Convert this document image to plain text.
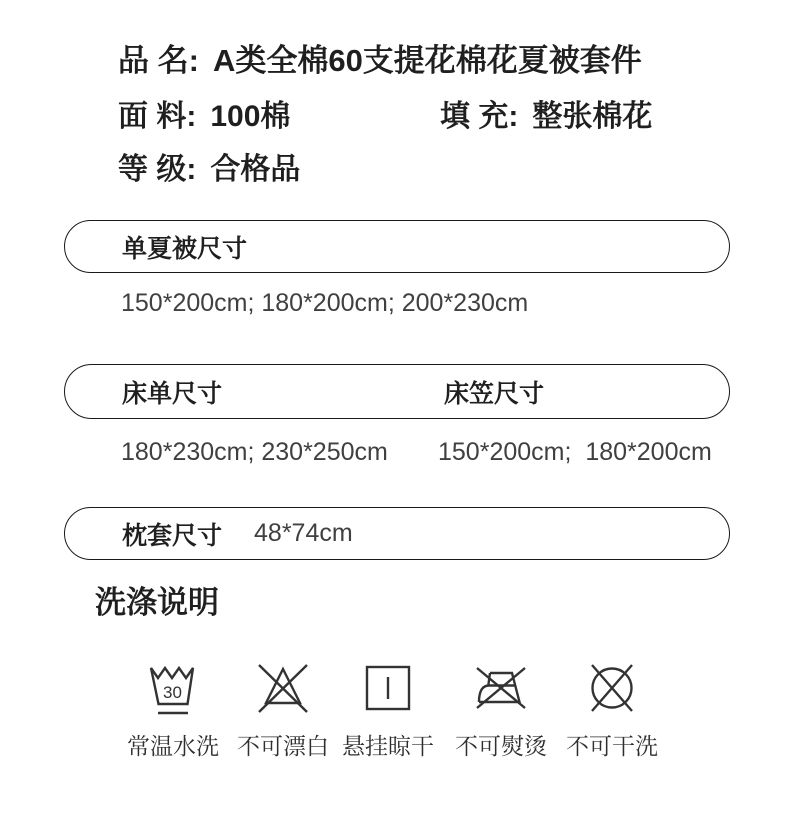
品 名: A类全棉60支提花棉花夏被套件
面 料: 100棉	填 充: 整张棉花
等 级: 合格品
单夏被尺寸
150*200cm; 180*200cm; 200*230cm
床单尺寸	床笠尺寸
180*230cm; 230*250cm 150*200cm;  180*200cm
枕套尺寸 48*74cm
洗涤说明
30
常温水洗 不可漂白 悬挂晾干 不可熨烫 不可干洗
